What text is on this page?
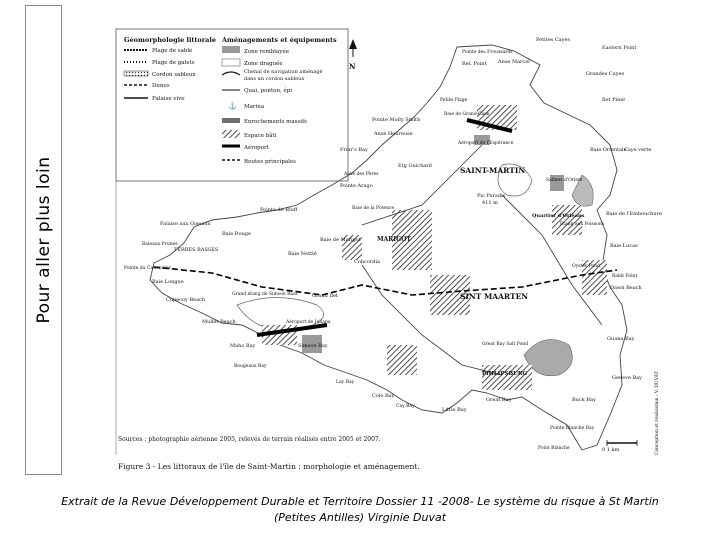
Pour aller plus loin
Géomorphologie littorale Aménagements et équipements
Plage de sable
Plage de galets
Cordon sableux
Dunes
Falaise vive
⚓
Zone remblayée
Zone draguée
Chenal de navigation aménagé
dans un cordon sableux
Quai, ponton, épi
Marina
Enrochements massifs
Espace bâti
Aéroport
Routes principales
N
SAINT-MARTIN
SINT MAARTEN
MARIGOT
PHILIPSBURG
TERRES BASSES
Concordia
Pic Paradis
411 m
Pointe des Froussards
Petites Cayes
Eastern Point
Rel. Point Anse Marcel
Grandes Cayes
Petite Plage	Ilet Pinel
Baie de Grand-Case
Pointe Molly Smith
Anse Heureuse
Aéroport de l'Espérance
Friar's Bay
Anse des Pères
Pointe Arago
Etg Guichard
Baie Orientale
Caye verte
Salines d'Orient
Quartier d'Orléans
Étang aux Poissons
Baie de l'Embouchure
Pointe de Bluff
Falaise aux Oiseaux
Baie Rouge
Baie de la Potence
Baie de Marigot
Baie Nettlé
Baie Lucas
Baieaux Prunes
Pointe du Canonnier
Baie Longue
Cupecoy Beach
Mullet Beach
Grand étang de Simson Baai	Grand Ilet
Aéroport de Juliana
Maho Bay	Simson Bay
Bougeaux Bay
Babit Point
Dawn Beach
Oyster Pond
Guana Bay
Great Bay Salt Pond
Great Bay
Little Bay
Cay Bay
Cole Bay
Lay Bay
Geneve Bay
Buck Bay
Pointe Blanche Bay
Point Blanche
Sources : photographie aérienne 2005, relevés de terrain réalisés entre 2005 et 2007.
0 1 km	Conception et réalisation : V. DUVAT
Figure 3 - Les littoraux de l'île de Saint-Martin : morphologie et aménagement.
Extrait de la Revue Développement Durable et Territoire Dossier 11 -2008- Le système du risque à St Martin
(Petites Antilles) Virginie Duvat
